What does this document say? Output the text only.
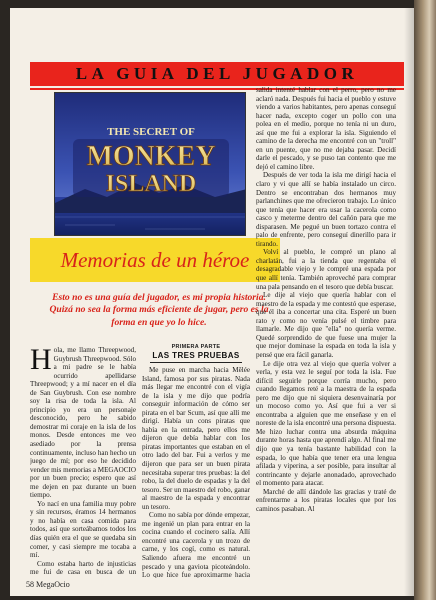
LA GUIA DEL JUGADOR
THE SECRET OF
MONKEY
ISLAND
Memorias de un héroe
Esto no es una guía del jugador, es mi propia historia. Quizá no sea la forma más eficiente de jugar, pero es la forma en que yo lo hice.
H ola, me llamo Threepwood, Guybrush Threepwood. Sólo a mi padre se le había ocurrido apellidarse Threepwood; y a mí nacer en el día de San Guybrush. Con ese nombre soy la risa de toda la isla. Al principio yo era un personaje desconocido, pero he sabido demostrar mi coraje en la isla de los monos. Desde entonces me veo asediado por la prensa continuamente, incluso han hecho un juego de mí; por eso he decidido vender mis memorias a MEGAOCIO por un buen precio; espero que así me dejen en paz durante un buen tiempo.

Yo nací en una familia muy pobre y sin recursos, éramos 14 hermanos y no había en casa comida para todos, así que sorteábamos todos los días quién era el que se quedaba sin comer, y casi siempre me tocaba a mí.

Como estaba harto de injusticias me fui de casa en busca de un

PRIMERA PARTE
LAS TRES PRUEBAS

Me puse en marcha hacia Mêlée Island, famosa por sus piratas. Nada más llegar me encontré con el vigía de la isla y me dijo que podría conseguir información de cómo ser pirata en el bar Scum, así que allí me dirigí. Había un cons piratas que había en la entrada, pero ellos me dijeron que debía hablar con los piratas importantes que estaban en el otro lado del bar. Fui a verlos y me dijeron que para ser un buen pirata necesitaba superar tres pruebas: la del robo, la del duelo de espadas y la del tesoro. Ser un maestro del robo, ganar al maestro de la espada y encontrar un tesoro.

Como no sabía por dónde empezar, me ingenié un plan para entrar en la cocina cuando el cocinero salía. Allí encontré una cacerola y un trozo de carne, y los cogí, como es natural. Saliendo afuera me encontré un pescado y una gaviota picoteándolo. Lo que hice fue aproximarme hacia

salida intenté hablar con el perro, pero no me aclaró nada. Después fui hacia el pueblo y estuve viendo a varios habitantes, pero apenas conseguí hacer nada, excepto coger un pollo con una polea en el medio, porque no tenía ni un duro, así que me fui a explorar la isla. Siguiendo el camino de la derecha me encontré con un "troll" en un puente, que no me dejaba pasar. Decidí darle el pescado, y se puso tan contento que me dejó el camino libre.

Después de ver toda la isla me dirigí hacia el claro y vi que allí se había instalado un circo. Dentro se encontraban dos hermanos muy parlanchines que me ofrecieron trabajo. Lo único que tenía que hacer era usar la cacerola como casco y meterme dentro del cañón para que me disparasen. Me pegué un buen tortazo contra el palo de enfrente, pero conseguí dinerillo para ir tirando.

Volví al pueblo, le compré un plano al charlatán, fui a la tienda que regentaba el desagradable viejo y le compré una espada por que allí tenía. También aproveché para comprar una pala pensando en el tesoro que debía buscar.

Le dije al viejo que quería hablar con el maestro de la espada y me contestó que esperase, que él iba a concertar una cita. Esperé un buen rato y como no venía pulsé el timbre para llamarle. Me dijo que "ella" no quería verme. Quedé sorprendido de que fuese una mujer la que mejor dominase la espada en toda la isla y pensé que era fácil ganarla.

Le dije otra vez al viejo que quería volver a verla, y esta vez le seguí por toda la isla. Fue difícil seguirle porque corría mucho, pero cuando llegamos reté a la maestra de la espada pero me dijo que ni siquiera desenvainaría por un mocoso como yo. Así que fui a ver si encontraba a alguien que me enseñase y en el noreste de la isla encontré una persona dispuesta. Me hizo luchar contra una absurda máquina durante horas hasta que aprendí algo. Al final me dijo que ya tenía bastante habilidad con la espada, lo que había que tener era una lengua afilada y viperina, a ser posible, para insultar al contrincante y dejarle anonadado, aprovechado el momento para atacar.

Marché de allí dándole las gracias y traté de enfrentarme a los piratas locales que por los caminos pasaban. Al

58 MegaOcio
